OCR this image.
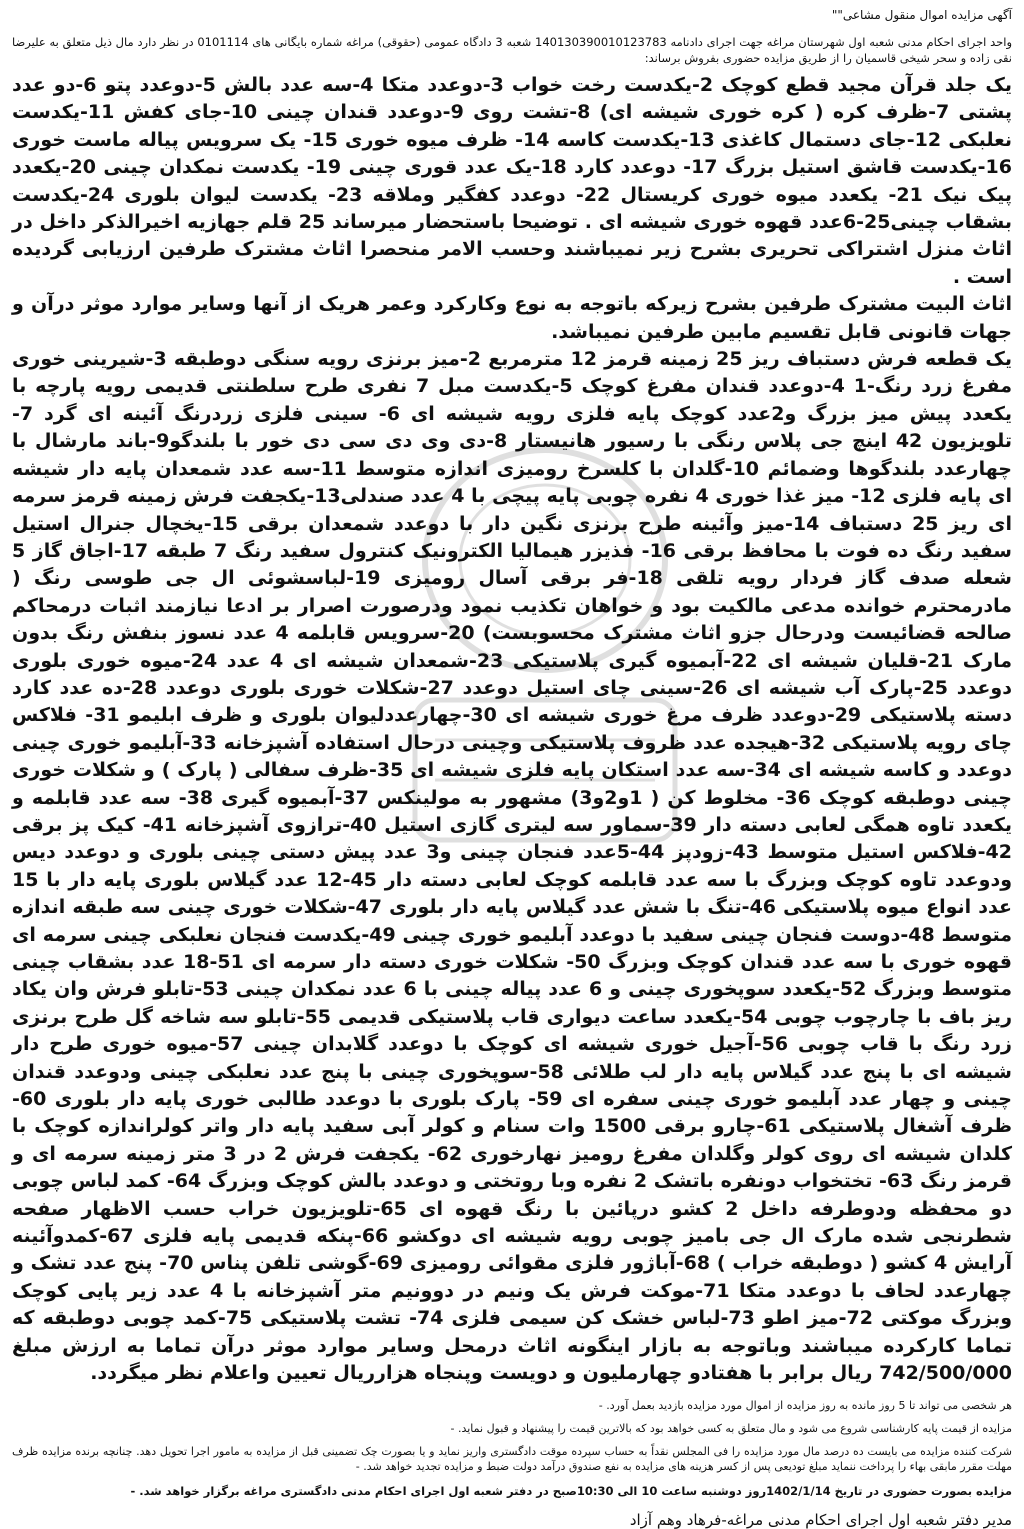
آگهی مزایده اموال منقول مشاعی""

واحد اجرای احکام مدنی شعبه اول شهرستان مراغه جهت اجرای دادنامه 140130390010123783 شعبه 3 دادگاه عمومی (حقوقی) مراغه شماره بایگانی های 0101114 در نظر دارد مال ذیل متعلق به علیرضا نقی زاده و سحر شیخی قاسمیان را از طریق مزایده حضوری بفروش برساند:

یک جلد قرآن مجید قطع کوچک 2-یکدست رخت خواب 3-دوعدد متکا 4-سه عدد بالش 5-دوعدد پتو 6-دو عدد پشتی 7-ظرف کره ( کره خوری شیشه ای) 8-تشت روی 9-دوعدد قندان چینی 10-جای کفش 11-یکدست نعلبکی 12-جای دستمال کاغذی 13-یکدست کاسه 14- ظرف میوه خوری 15- یک سرویس پیاله ماست خوری 16-یکدست قاشق استیل بزرگ 17- دوعدد کارد 18-یک عدد قوری چینی 19- یکدست نمکدان چینی 20-یکعدد پیک نیک 21- یکعدد میوه خوری کریستال 22- دوعدد کفگیر وملاقه 23- یکدست لیوان بلوری 24-یکدست بشقاب چینی25-6عدد قهوه خوری شیشه ای . توضیحا باستحضار میرساند 25 قلم جهازیه اخیرالذکر داخل در اثاث منزل اشتراکی تحریری بشرح زیر نمیباشند وحسب الامر منحصرا اثاث مشترک طرفین ارزیابی گردیده است .

اثاث البیت مشترک طرفین بشرح زیرکه باتوجه به نوع وکارکرد وعمر هریک از آنها وسایر موارد موثر درآن و جهات قانونی قابل تقسیم مابین طرفین نمیباشد.

یک قطعه فرش دستباف ریز 25 زمینه قرمز 12 مترمربع 2-میز برنزی رویه سنگی دوطبقه 3-شیرینی خوری مفرغ زرد رنگ-1 4-دوعدد قندان مفرغ کوچک 5-یکدست مبل 7 نفری طرح سلطنتی قدیمی رویه پارچه با یکعدد پیش میز بزرگ و2عدد کوچک پایه فلزی رویه شیشه ای 6- سینی فلزی زردرنگ آئینه ای گرد 7- تلویزیون 42 اینچ جی پلاس رنگی با رسیور هانیستار 8-دی وی دی سی دی خور با بلندگو9-باند مارشال با چهارعدد بلندگوها وضمائم 10-گلدان با کلسرخ رومیزی اندازه متوسط 11-سه عدد شمعدان پایه دار شیشه ای پایه فلزی 12- میز غذا خوری 4 نفره چوبی پایه پیچی با 4 عدد صندلی13-یکجفت فرش زمینه قرمز سرمه ای ریز 25 دستباف 14-میز وآئینه طرح برنزی نگین دار با دوعدد شمعدان برقی 15-یخچال جنرال استیل سفید رنگ ده فوت با محافظ برقی 16- فذیزر هیمالیا الکترونیک کنترول سفید رنگ 7 طبقه 17-اجاق گاز 5 شعله صدف گاز فردار رویه تلقی 18-فر برقی آسال رومیزی 19-لباسشوئی ال جی طوسی رنگ ( مادرمحترم خوانده مدعی مالکیت بود و خواهان تکذیب نمود ودرصورت اصرار بر ادعا نیازمند اثبات درمحاکم صالحه قضائیست ودرحال جزو اثاث مشترک محسوبست) 20-سرویس قابلمه 4 عدد نسوز بنفش رنگ بدون مارک 21-قلیان شیشه ای 22-آبمیوه گیری پلاستیکی 23-شمعدان شیشه ای 4 عدد 24-میوه خوری بلوری دوعدد 25-پارک آب شیشه ای 26-سینی چای استیل دوعدد 27-شکلات خوری بلوری دوعدد 28-ده عدد کارد دسته پلاستیکی 29-دوعدد ظرف مرغ خوری شیشه ای 30-چهارعددلیوان بلوری و ظرف ابلیمو 31- فلاکس چای رویه پلاستیکی 32-هیجده عدد ظروف پلاستیکی وچینی درحال استفاده آشپزخانه 33-آبلیمو خوری چینی دوعدد و کاسه شیشه ای 34-سه عدد استکان پایه فلزی شیشه ای 35-ظرف سفالی ( پارک ) و شکلات خوری چینی دوطبقه کوچک 36- مخلوط کن ( 1و2و3) مشهور به مولینکس 37-آبمیوه گیری 38- سه عدد قابلمه و یکعدد تاوه همگی لعابی دسته دار 39-سماور سه لیتری گازی استیل 40-ترازوی آشپزخانه 41- کیک پز برقی 42-فلاکس استیل متوسط 43-زودپز 44-5عدد فنجان چینی و3 عدد پیش دستی چینی بلوری و دوعدد دیس ودوعدد تاوه کوچک وبزرگ با سه عدد قابلمه کوچک لعابی دسته دار 45-12 عدد گیلاس بلوری پایه دار با 15 عدد انواع میوه پلاستیکی 46-تنگ با شش عدد گیلاس پایه دار بلوری 47-شکلات خوری چینی سه طبقه اندازه متوسط 48-دوست فنجان چینی سفید با دوعدد آبلیمو خوری چینی 49-یکدست فنجان نعلبکی چینی سرمه ای قهوه خوری با سه عدد قندان کوچک وبزرگ 50- شکلات خوری دسته دار سرمه ای 51-18 عدد بشقاب چینی متوسط وبزرگ 52-یکعدد سوپخوری چینی و 6 عدد پیاله چینی با 6 عدد نمکدان چینی 53-تابلو فرش وان یکاد ریز باف با چارچوب چوبی 54-یکعدد ساعت دیواری قاب پلاستیکی قدیمی 55-تابلو سه شاخه گل طرح برنزی زرد رنگ با قاب چوبی 56-آجیل خوری شیشه ای کوچک با دوعدد گلابدان چینی 57-میوه خوری طرح دار شیشه ای با پنج عدد گیلاس پایه دار لب طلائی 58-سوپخوری چینی با پنج عدد نعلبکی چینی ودوعدد قندان چینی و چهار عدد آبلیمو خوری چینی سفره ای 59- پارک بلوری با دوعدد طالبی خوری پایه دار بلوری 60-ظرف آشغال پلاستیکی 61-چارو برقی 1500 وات سنام و کولر آبی سفید پایه دار واتر کولراندازه کوچک با کلدان شیشه ای روی کولر وگلدان مفرغ رومیز نهارخوری 62- یکجفت فرش 2 در 3 متر زمینه سرمه ای و قرمز رنگ 63- تختخواب دونفره باتشک 2 نفره وبا روتختی و دوعدد بالش کوچک وبزرگ 64- کمد لباس چوبی دو محفظه ودوطرفه داخل 2 کشو درپائین با رنگ قهوه ای 65-تلویزیون خراب حسب الاظهار صفحه شطرنجی شده مارک ال جی بامیز چوبی رویه شیشه ای دوکشو 66-پنکه قدیمی پایه فلزی 67-کمدوآئینه آرایش 4 کشو ( دوطبقه خراب ) 68-آباژور فلزی مقوائی رومیزی 69-گوشی تلفن پناس 70- پنج عدد تشک و چهارعدد لحاف با دوعدد متکا 71-موکت فرش یک ونیم در دوونیم متر آشپزخانه با 4 عدد زیر پایی کوچک وبزرگ موکتی 72-میز اطو 73-لباس خشک کن سیمی فلزی 74- تشت پلاستیکی 75-کمد چوبی دوطبقه که تماما کارکرده میباشند وباتوجه به بازار اینگونه اثاث درمحل وسایر موارد موثر درآن تماما به ارزش مبلغ 742/500/000 ریال برابر با هفتادو چهارملیون و دویست وپنجاه هزارریال تعیین واعلام نظر میگردد.

هر شخصی می تواند تا 5 روز مانده به روز مزایده از اموال مورد مزایده بازدید بعمل آورد. -

مزایده از قیمت پایه کارشناسی شروع می شود و مال متعلق به کسی خواهد بود که بالاترین قیمت را پیشنهاد و قبول نماید. -

شرکت کننده مزایده می بایست ده درصد مال مورد مزایده را فی المجلس نقداً به حساب سپرده موقت دادگستری واریز نماید و یا بصورت چک تضمینی قبل از مزایده به مامور اجرا تحویل دهد. چنانچه برنده مزایده ظرف مهلت مقرر مابقی بهاء را پرداخت ننماید مبلغ تودیعی پس از کسر هزینه های مزایده به نفع صندوق درآمد دولت ضبط و مزایده تجدید خواهد شد. -

مزایده بصورت حضوری در تاریخ 1402/1/14روز دوشنبه ساعت 10 الی 10:30صبح در دفتر شعبه اول اجرای احکام مدنی دادگستری مراغه برگزار خواهد شد. -

مدیر دفتر شعبه اول اجرای احکام مدنی مراغه-فرهاد وهم آزاد
